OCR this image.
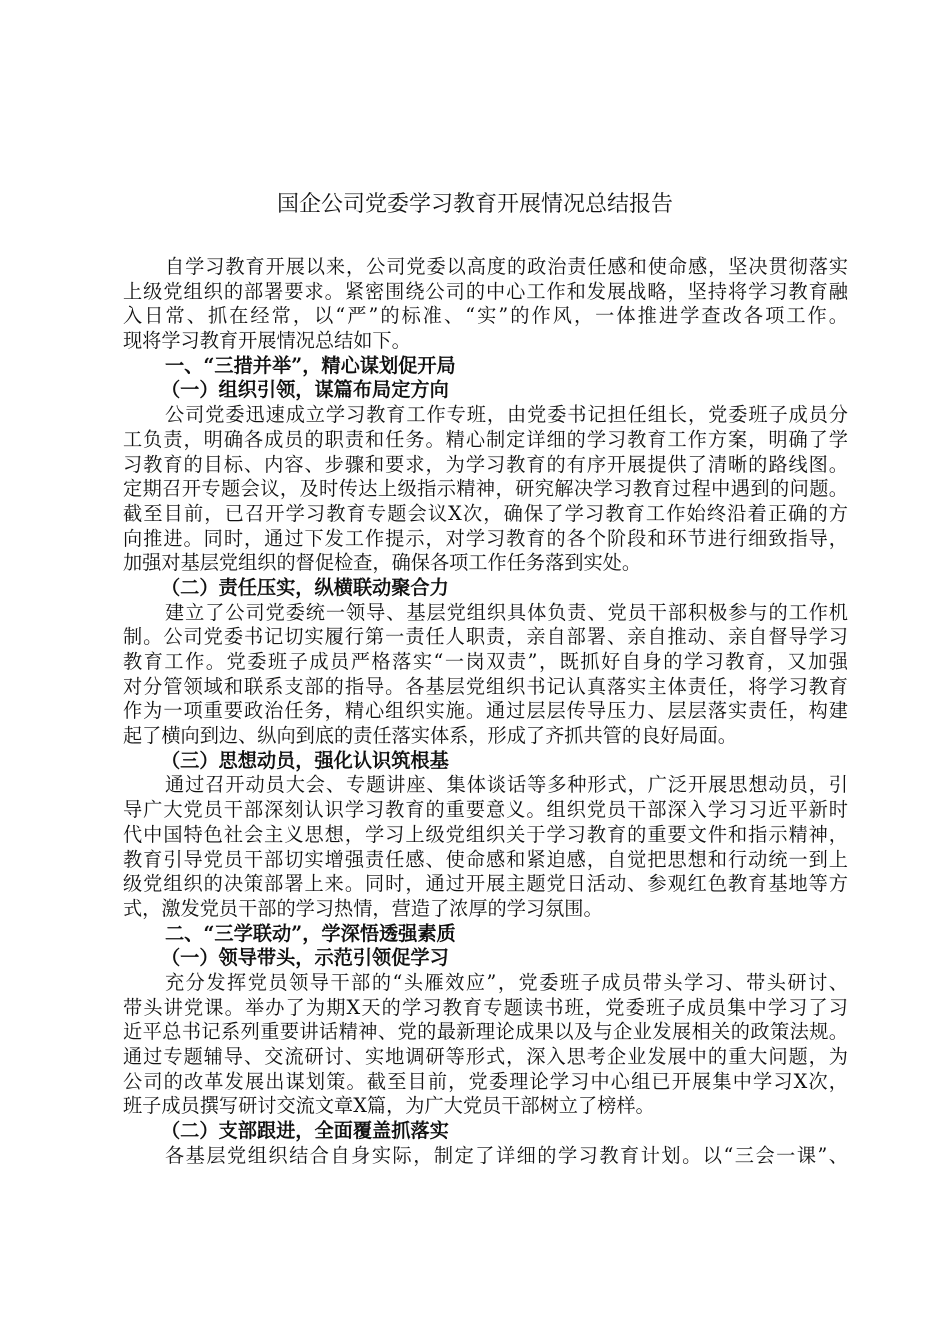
国企公司党委学习教育开展情况总结报告
自学习教育开展以来，公司党委以高度的政治责任感和使命感，坚决贯彻落实
上级党组织的部署要求。紧密围绕公司的中心工作和发展战略，坚持将学习教育融
入日常、抓在经常，以“严”的标准、“实”的作风，一体推进学查改各项工作。
现将学习教育开展情况总结如下。
一、“三措并举”，精心谋划促开局
（一）组织引领，谋篇布局定方向
公司党委迅速成立学习教育工作专班，由党委书记担任组长，党委班子成员分
工负责，明确各成员的职责和任务。精心制定详细的学习教育工作方案，明确了学
习教育的目标、内容、步骤和要求，为学习教育的有序开展提供了清晰的路线图。
定期召开专题会议，及时传达上级指示精神，研究解决学习教育过程中遇到的问题。
截至目前，已召开学习教育专题会议X次，确保了学习教育工作始终沿着正确的方
向推进。同时，通过下发工作提示，对学习教育的各个阶段和环节进行细致指导，
加强对基层党组织的督促检查，确保各项工作任务落到实处。
（二）责任压实，纵横联动聚合力
建立了公司党委统一领导、基层党组织具体负责、党员干部积极参与的工作机
制。公司党委书记切实履行第一责任人职责，亲自部署、亲自推动、亲自督导学习
教育工作。党委班子成员严格落实“一岗双责”，既抓好自身的学习教育，又加强
对分管领域和联系支部的指导。各基层党组织书记认真落实主体责任，将学习教育
作为一项重要政治任务，精心组织实施。通过层层传导压力、层层落实责任，构建
起了横向到边、纵向到底的责任落实体系，形成了齐抓共管的良好局面。
（三）思想动员，强化认识筑根基
通过召开动员大会、专题讲座、集体谈话等多种形式，广泛开展思想动员，引
导广大党员干部深刻认识学习教育的重要意义。组织党员干部深入学习习近平新时
代中国特色社会主义思想，学习上级党组织关于学习教育的重要文件和指示精神，
教育引导党员干部切实增强责任感、使命感和紧迫感，自觉把思想和行动统一到上
级党组织的决策部署上来。同时，通过开展主题党日活动、参观红色教育基地等方
式，激发党员干部的学习热情，营造了浓厚的学习氛围。
二、“三学联动”，学深悟透强素质
（一）领导带头，示范引领促学习
充分发挥党员领导干部的“头雁效应”，党委班子成员带头学习、带头研讨、
带头讲党课。举办了为期X天的学习教育专题读书班，党委班子成员集中学习了习
近平总书记系列重要讲话精神、党的最新理论成果以及与企业发展相关的政策法规。
通过专题辅导、交流研讨、实地调研等形式，深入思考企业发展中的重大问题，为
公司的改革发展出谋划策。截至目前，党委理论学习中心组已开展集中学习X次，
班子成员撰写研讨交流文章X篇，为广大党员干部树立了榜样。
（二）支部跟进，全面覆盖抓落实
各基层党组织结合自身实际，制定了详细的学习教育计划。以“三会一课”、
